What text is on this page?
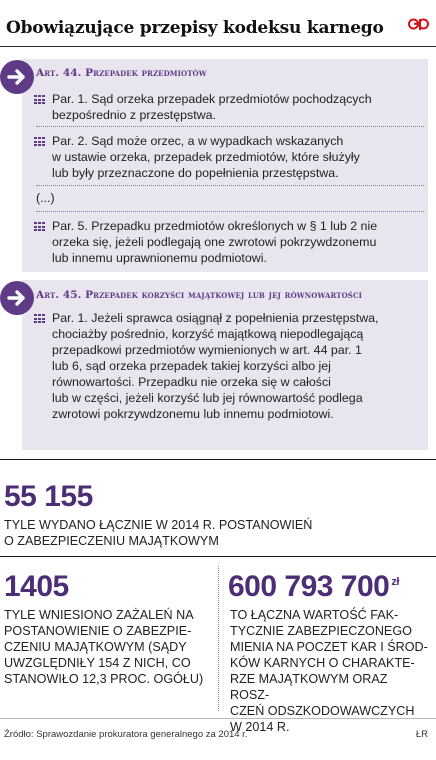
Obowiązujące przepisy kodeksu karnego
Art. 44. Przepadek przedmiotów
Par. 1. Sąd orzeka przepadek przedmiotów pochodzących
bezpośrednio z przestępstwa.
Par. 2. Sąd może orzec, a w wypadkach wskazanych
w ustawie orzeka, przepadek przedmiotów, które służyły
lub były przeznaczone do popełnienia przestępstwa.
(...)
Par. 5. Przepadku przedmiotów określonych w § 1 lub 2 nie
orzeka się, jeżeli podlegają one zwrotowi pokrzywdzonemu
lub innemu uprawnionemu podmiotowi.
Art. 45. Przepadek korzyści majątkowej lub jej równowartości
Par. 1. Jeżeli sprawca osiągnął z popełnienia przestępstwa,
chociażby pośrednio, korzyść majątkową niepodlegającą
przepadkowi przedmiotów wymienionych w art. 44 par. 1
lub 6, sąd orzeka przepadek takiej korzyści albo jej
równowartości. Przepadku nie orzeka się w całości
lub w części, jeżeli korzyść lub jej równowartość podlega
zwrotowi pokrzywdzonemu lub innemu podmiotowi.
55 155
TYLE WYDANO ŁĄCZNIE W 2014 R. POSTANOWIEŃ
O ZABEZPIECZENIU MAJĄTKOWYM
1405
TYLE WNIESIONO ZAŻALEŃ NA
POSTANOWIENIE O ZABEZPIE-
CZENIU MAJĄTKOWYM (SĄDY
UWZGLĘDNIŁY 154 Z NICH, CO
STANOWIŁO 12,3 PROC. OGÓŁU)
600 793 700 $^{zł}$
TO ŁĄCZNA WARTOŚĆ FAK-
TYCZNIE ZABEZPIECZONEGO
MIENIA NA POCZET KAR I ŚROD-
KÓW KARNYCH O CHARAKTE-
RZE MAJĄTKOWYM ORAZ ROSZ-
CZEŃ ODSZKODOWAWCZYCH
W 2014 R.
Źródło: Sprawozdanie prokuratora generalnego za 2014 r.	ŁR
